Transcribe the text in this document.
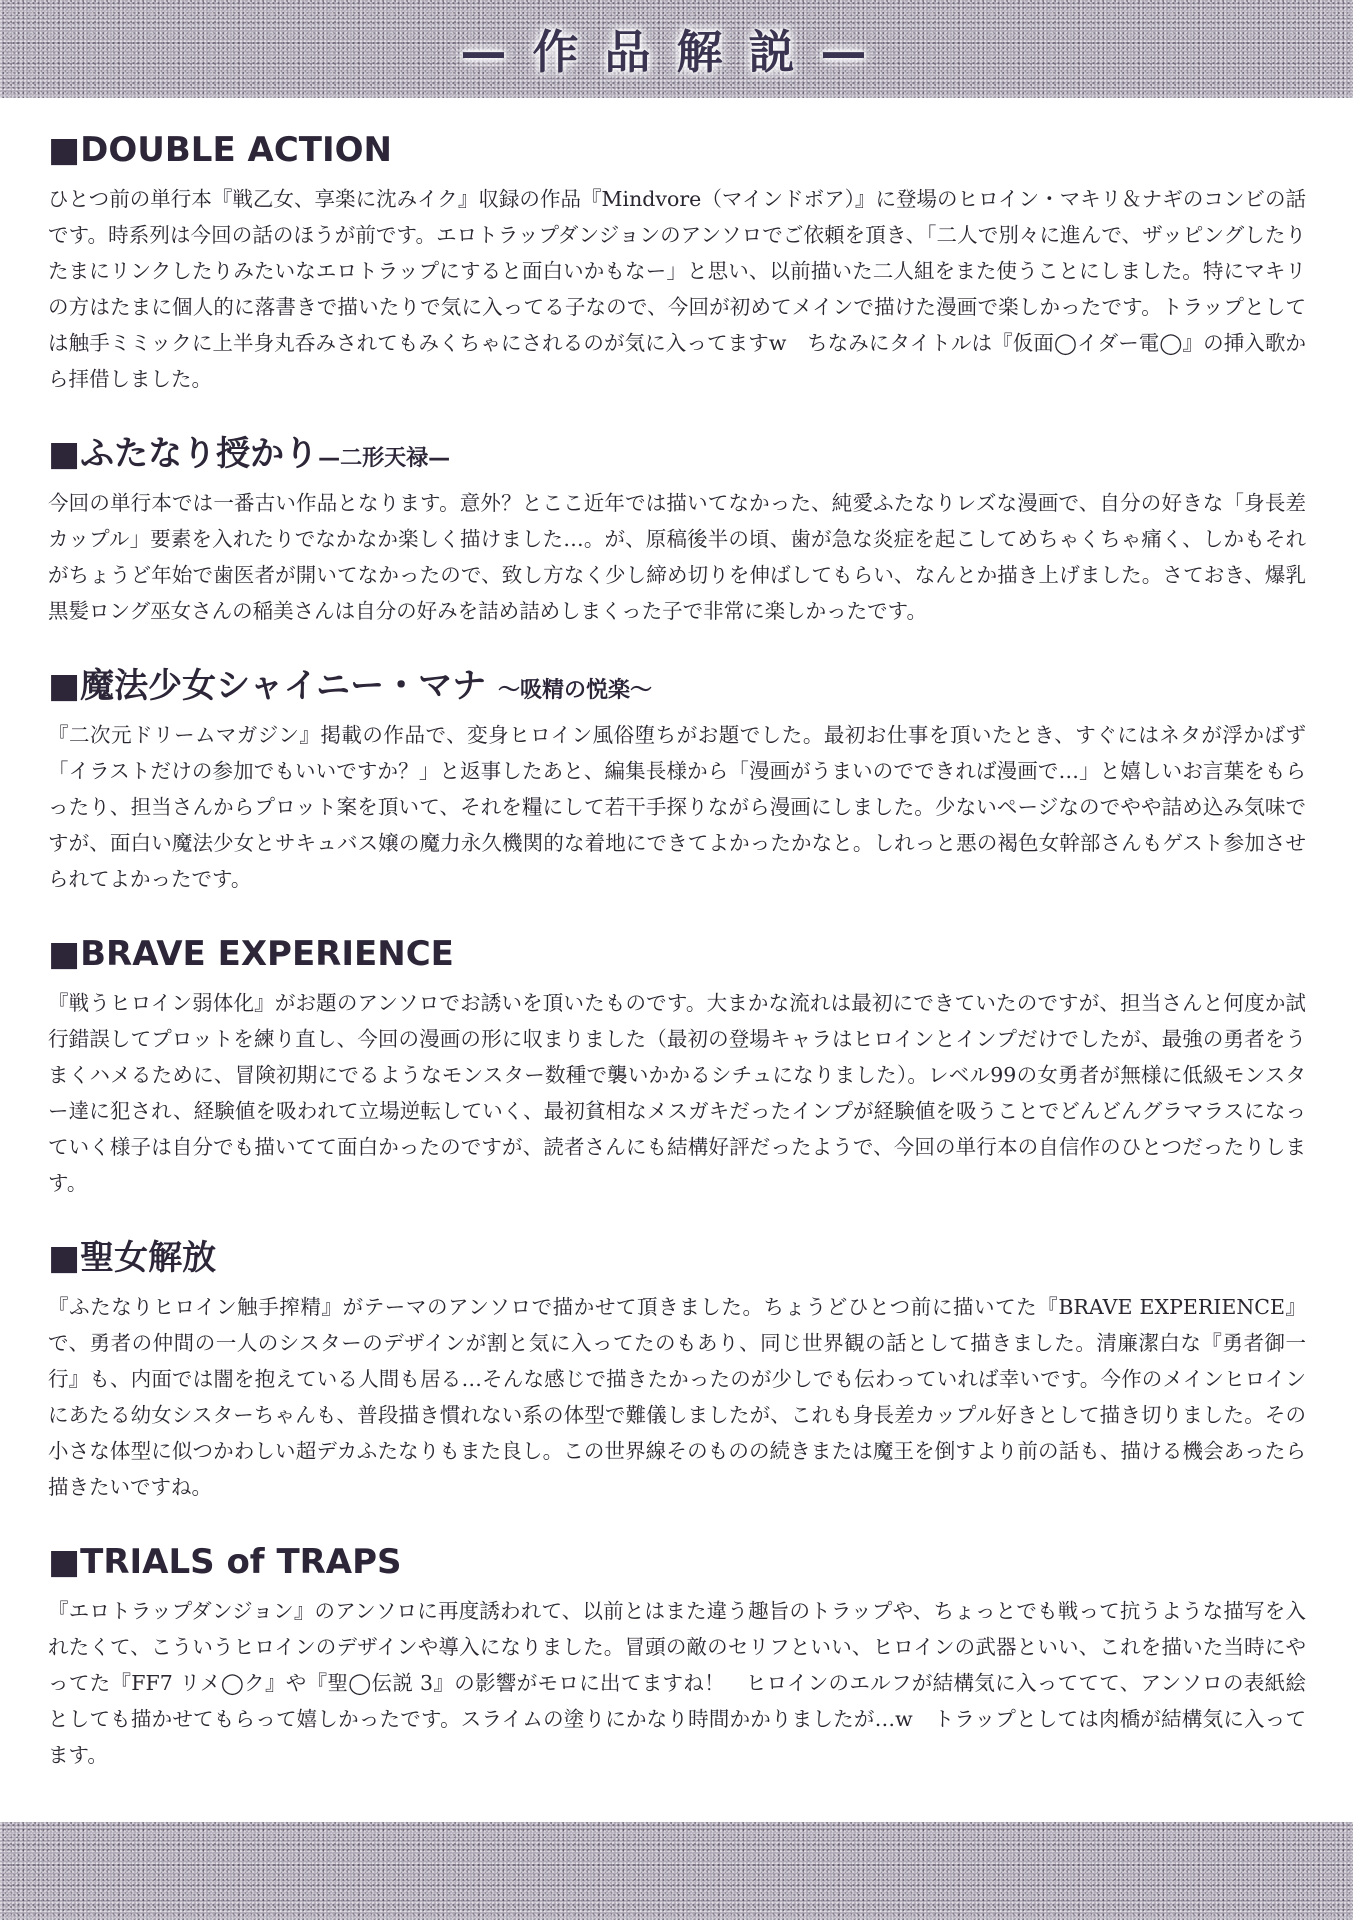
—作品解説—
■DOUBLE ACTION

ひとつ前の単行本『戦乙女、享楽に沈みイク』収録の作品『Mindvore（マインドボア）』に登場のヒロイン・マキリ＆ナギのコンビの話です。時系列は今回の話のほうが前です。エロトラップダンジョンのアンソロでご依頼を頂き、「二人で別々に進んで、ザッピングしたりたまにリンクしたりみたいなエロトラップにすると面白いかもなー」と思い、以前描いた二人組をまた使うことにしました。特にマキリの方はたまに個人的に落書きで描いたりで気に入ってる子なので、今回が初めてメインで描けた漫画で楽しかったです。トラップとしては触手ミミックに上半身丸呑みされてもみくちゃにされるのが気に入ってますw　ちなみにタイトルは『仮面◯イダー電◯』の挿入歌から拝借しました。

■ふたなり授かり—二形天禄—

今回の単行本では一番古い作品となります。意外？とここ近年では描いてなかった、純愛ふたなりレズな漫画で、自分の好きな「身長差カップル」要素を入れたりでなかなか楽しく描けました…。が、原稿後半の頃、歯が急な炎症を起こしてめちゃくちゃ痛く、しかもそれがちょうど年始で歯医者が開いてなかったので、致し方なく少し締め切りを伸ばしてもらい、なんとか描き上げました。さておき、爆乳黒髪ロング巫女さんの稲美さんは自分の好みを詰め詰めしまくった子で非常に楽しかったです。

■魔法少女シャイニー・マナ ～吸精の悦楽～

『二次元ドリームマガジン』掲載の作品で、変身ヒロイン風俗堕ちがお題でした。最初お仕事を頂いたとき、すぐにはネタが浮かばず「イラストだけの参加でもいいですか？」と返事したあと、編集長様から「漫画がうまいのでできれば漫画で…」と嬉しいお言葉をもらったり、担当さんからプロット案を頂いて、それを糧にして若干手探りながら漫画にしました。少ないページなのでやや詰め込み気味ですが、面白い魔法少女とサキュバス嬢の魔力永久機関的な着地にできてよかったかなと。しれっと悪の褐色女幹部さんもゲスト参加させられてよかったです。

■BRAVE EXPERIENCE

『戦うヒロイン弱体化』がお題のアンソロでお誘いを頂いたものです。大まかな流れは最初にできていたのですが、担当さんと何度か試行錯誤してプロットを練り直し、今回の漫画の形に収まりました（最初の登場キャラはヒロインとインプだけでしたが、最強の勇者をうまくハメるために、冒険初期にでるようなモンスター数種で襲いかかるシチュになりました）。レベル99の女勇者が無様に低級モンスター達に犯され、経験値を吸われて立場逆転していく、最初貧相なメスガキだったインプが経験値を吸うことでどんどんグラマラスになっていく様子は自分でも描いてて面白かったのですが、読者さんにも結構好評だったようで、今回の単行本の自信作のひとつだったりします。

■聖女解放

『ふたなりヒロイン触手搾精』がテーマのアンソロで描かせて頂きました。ちょうどひとつ前に描いてた『BRAVE EXPERIENCE』で、勇者の仲間の一人のシスターのデザインが割と気に入ってたのもあり、同じ世界観の話として描きました。清廉潔白な『勇者御一行』も、内面では闇を抱えている人間も居る…そんな感じで描きたかったのが少しでも伝わっていれば幸いです。今作のメインヒロインにあたる幼女シスターちゃんも、普段描き慣れない系の体型で難儀しましたが、これも身長差カップル好きとして描き切りました。その小さな体型に似つかわしい超デカふたなりもまた良し。この世界線そのものの続きまたは魔王を倒すより前の話も、描ける機会あったら描きたいですね。

■TRIALS of TRAPS

『エロトラップダンジョン』のアンソロに再度誘われて、以前とはまた違う趣旨のトラップや、ちょっとでも戦って抗うような描写を入れたくて、こういうヒロインのデザインや導入になりました。冒頭の敵のセリフといい、ヒロインの武器といい、これを描いた当時にやってた『FF7 リメ◯ク』や『聖◯伝説 3』の影響がモロに出てますね！　ヒロインのエルフが結構気に入っててて、アンソロの表紙絵としても描かせてもらって嬉しかったです。スライムの塗りにかなり時間かかりましたが…w　トラップとしては肉橋が結構気に入ってます。
